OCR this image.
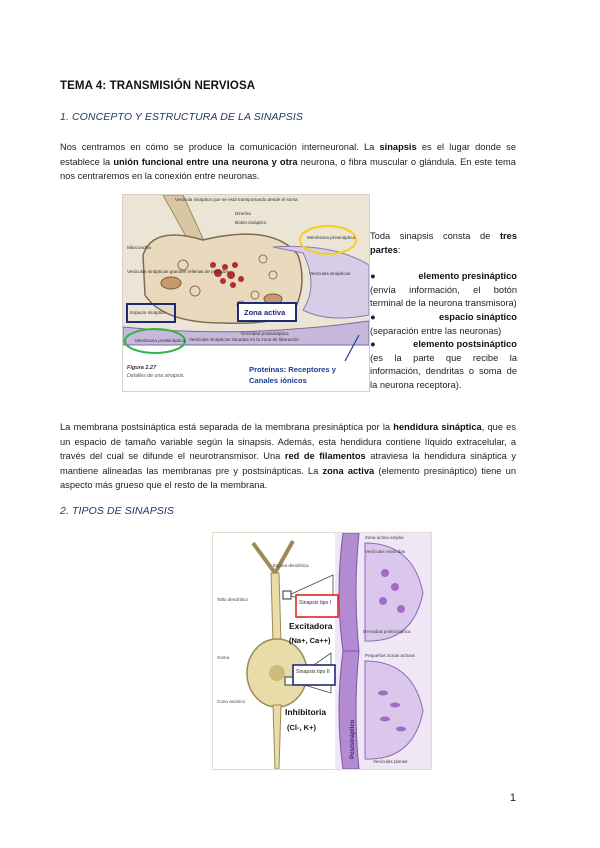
TEMA 4: TRANSMISIÓN NERVIOSA
1. CONCEPTO Y ESTRUCTURA DE LA SINAPSIS
Nos centramos en cómo se produce la comunicación interneuronal. La sinapsis es el lugar donde se establece la unión funcional entre una neurona y otra neurona, o fibra muscular o glándula. En este tema nos centraremos en la conexión entre neuronas.
Vesícula sináptica que se está transportando desde el soma
Dineína
Botón sináptico
Membrana presináptica
Mitocondria
Vesículas sinápticas grandes rellenas de péptidos	Vesículas sinápticas
Espacio sináptico
Densidad postsináptica
Membrana postsináptica Vesículas sinápticas situadas en la zona de liberación
Zona activa
Figura 2.27
Detalles de una sinapsis.
Proteínas: Receptores y
Canales iónicos

Toda sinapsis consta de tres partes:

●	elemento presináptico

(envía información, el botón terminal de la neurona transmisora)

●	espacio sináptico

(separación entre las neuronas)

●	elemento postsináptico

(es la parte que recibe la información, dendritas o soma de la neurona receptora).

La membrana postsináptica está separada de la membrana presináptica por la hendidura sináptica, que es un espacio de tamaño variable según la sinapsis. Además, esta hendidura contiene líquido extracelular, a través del cual se difunde el neurotransmisor. Una red de filamentos atraviesa la hendidura sináptica y mantiene alineadas las membranas pre y postsinápticas. La zona activa (elemento presináptico) tiene un aspecto más grueso que el resto de la membrana.
2. TIPOS DE SINAPSIS
Espina dendrítica
Tallo dendrítico
Soma
Cono axónico
Zona activa amplia
Vesículas redondas
Pequeñas zonas activas
Vesículas planas
Densidad postsináptica
Sinapsis tipo I
Sinapsis tipo II
Excitadora
(Na+, Ca++)
Inhibitoria
(Cl-, K+)	Postsináptico
1
